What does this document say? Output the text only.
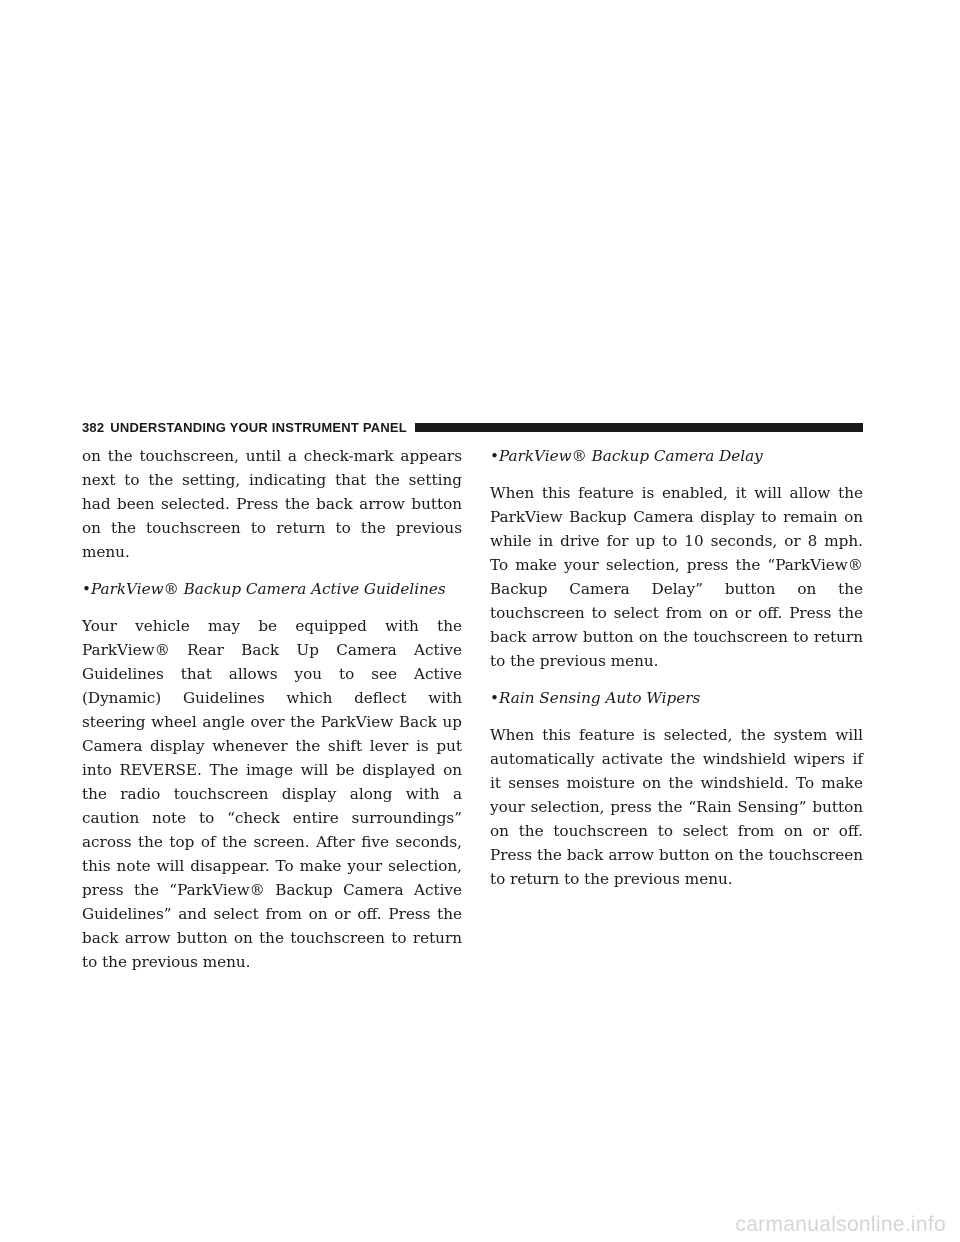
382 UNDERSTANDING YOUR INSTRUMENT PANEL

on the touchscreen, until a check-mark appears next to the setting, indicating that the setting had been selected. Press the back arrow button on the touchscreen to return to the previous menu.

• ParkView® Backup Camera Active Guidelines

Your vehicle may be equipped with the ParkView® Rear Back Up Camera Active Guidelines that allows you to see Active (Dynamic) Guidelines which deflect with steering wheel angle over the ParkView Back up Camera display whenever the shift lever is put into REVERSE. The image will be displayed on the radio touchscreen display along with a caution note to “check entire surroundings” across the top of the screen. After five seconds, this note will disappear. To make your selection, press the “ParkView® Backup Camera Active Guidelines” and select from on or off. Press the back arrow button on the touchscreen to return to the previous menu.

• ParkView® Backup Camera Delay

When this feature is enabled, it will allow the ParkView Backup Camera display to remain on while in drive for up to 10 seconds, or 8 mph. To make your selection, press the “ParkView® Backup Camera Delay” button on the touchscreen to select from on or off. Press the back arrow button on the touchscreen to return to the previous menu.

• Rain Sensing Auto Wipers

When this feature is selected, the system will automatically activate the windshield wipers if it senses moisture on the windshield. To make your selection, press the “Rain Sensing” button on the touchscreen to select from on or off. Press the back arrow button on the touchscreen to return to the previous menu.

carmanualsonline.info
